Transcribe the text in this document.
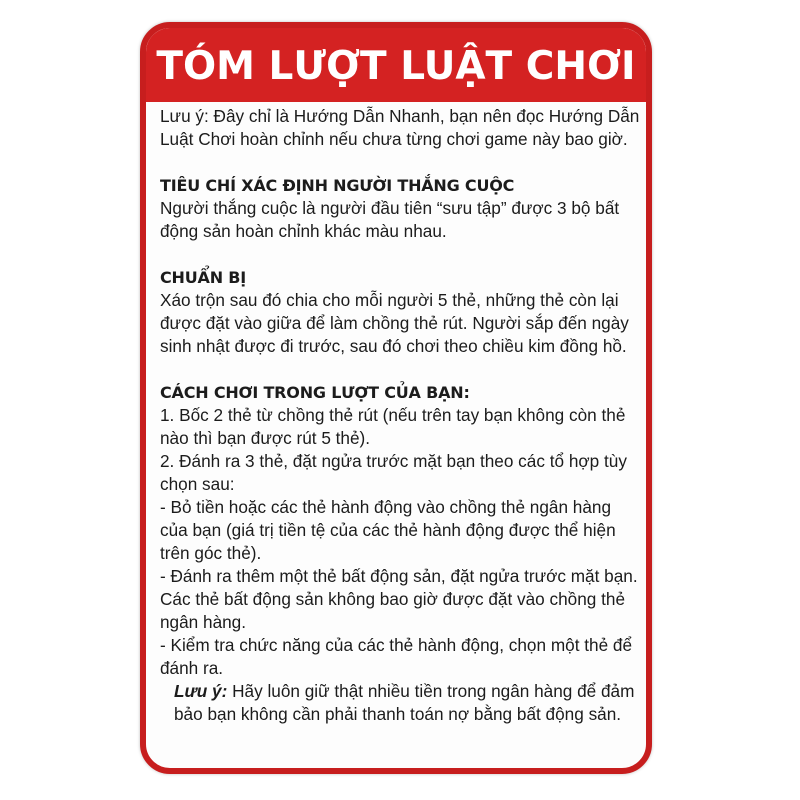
TÓM LƯỢT LUẬT CHƠI

Lưu ý: Đây chỉ là Hướng Dẫn Nhanh, bạn nên đọc Hướng Dẫn Luật Chơi hoàn chỉnh nếu chưa từng chơi game này bao giờ.

TIÊU CHÍ XÁC ĐỊNH NGƯỜI THẮNG CUỘC

Người thắng cuộc là người đầu tiên “sưu tập” được 3 bộ bất động sản hoàn chỉnh khác màu nhau.

CHUẨN BỊ

Xáo trộn sau đó chia cho mỗi người 5 thẻ, những thẻ còn lại được đặt vào giữa để làm chồng thẻ rút. Người sắp đến ngày sinh nhật được đi trước, sau đó chơi theo chiều kim đồng hồ.

CÁCH CHƠI TRONG LƯỢT CỦA BẠN:

1. Bốc 2 thẻ từ chồng thẻ rút (nếu trên tay bạn không còn thẻ nào thì bạn được rút 5 thẻ).

2. Đánh ra 3 thẻ, đặt ngửa trước mặt bạn theo các tổ hợp tùy chọn sau:

- Bỏ tiền hoặc các thẻ hành động vào chồng thẻ ngân hàng của bạn (giá trị tiền tệ của các thẻ hành động được thể hiện trên góc thẻ).

- Đánh ra thêm một thẻ bất động sản, đặt ngửa trước mặt bạn. Các thẻ bất động sản không bao giờ được đặt vào chồng thẻ ngân hàng.

- Kiểm tra chức năng của các thẻ hành động, chọn một thẻ để đánh ra.

Lưu ý: Hãy luôn giữ thật nhiều tiền trong ngân hàng để đảm bảo bạn không cần phải thanh toán nợ bằng bất động sản.
